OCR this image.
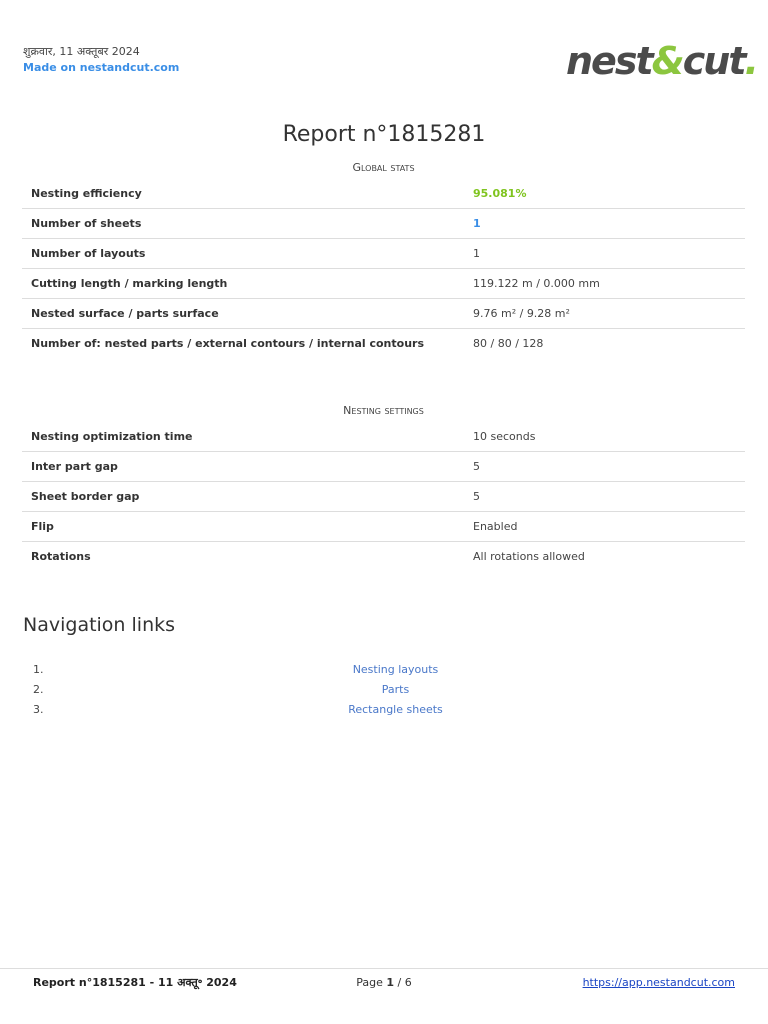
शुक्रवार, 11 अक्तूबर 2024
Made on nestandcut.com	nest&cut.
Report n°1815281
Global stats
Nesting efficiency	95.081%
Number of sheets	1
Number of layouts	1
Cutting length / marking length	119.122 m / 0.000 mm
Nested surface / parts surface	9.76 m² / 9.28 m²
Number of: nested parts / external contours / internal contours	80 / 80 / 128
Nesting settings
Nesting optimization time	10 seconds
Inter part gap	5
Sheet border gap	5
Flip	Enabled
Rotations	All rotations allowed
Navigation links
1.	Nesting layouts
2.	Parts
3.	Rectangle sheets
Report n°1815281 - 11 अक्तू॰ 2024	Page 1 / 6	https://app.nestandcut.com
